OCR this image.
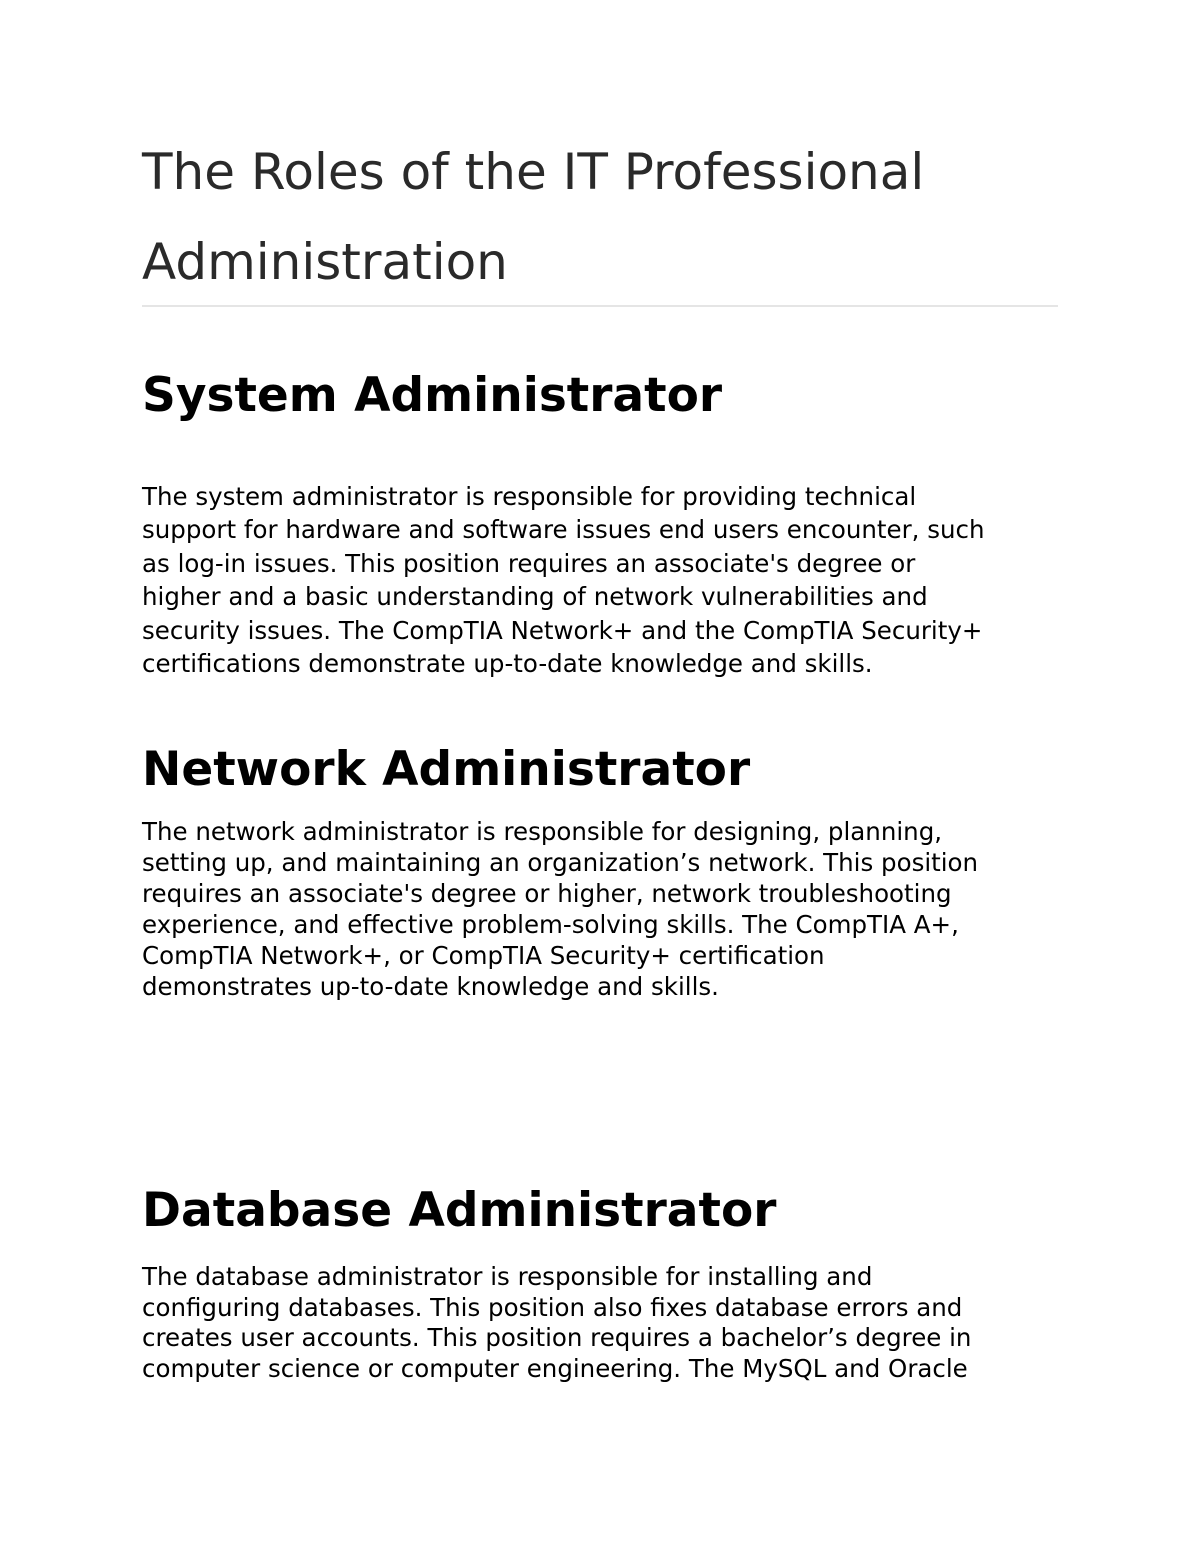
The Roles of the IT Professional
Administration
System Administrator

The system administrator is responsible for providing technical
support for hardware and software issues end users encounter, such
as log-in issues. This position requires an associate's degree or
higher and a basic understanding of network vulnerabilities and
security issues. The CompTIA Network+ and the CompTIA Security+
certifications demonstrate up-to-date knowledge and skills.

Network Administrator

The network administrator is responsible for designing, planning,
setting up, and maintaining an organization’s network. This position
requires an associate's degree or higher, network troubleshooting
experience, and effective problem-solving skills. The CompTIA A+,
CompTIA Network+, or CompTIA Security+ certification
demonstrates up-to-date knowledge and skills.

Database Administrator

The database administrator is responsible for installing and
configuring databases. This position also fixes database errors and
creates user accounts. This position requires a bachelor’s degree in
computer science or computer engineering. The MySQL and Oracle
